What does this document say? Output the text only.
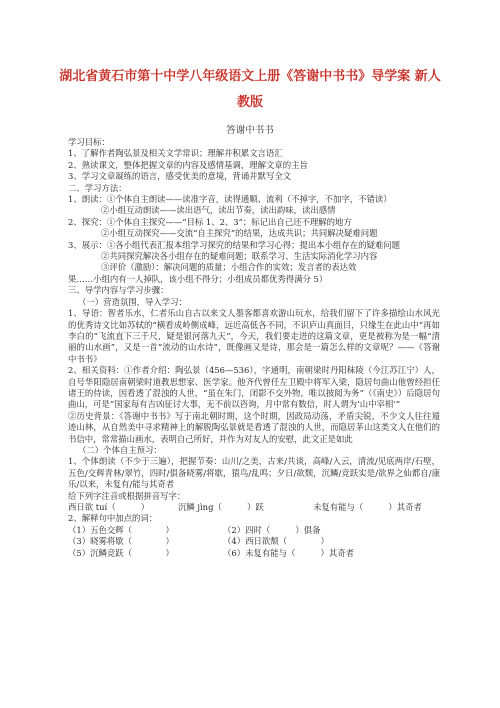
湖北省黄石市第十中学八年级语文上册《答谢中书书》导学案 新人
教版
答谢中书书
学习目标：
1、了解作者陶弘景及相关文学常识；理解并积累文言语汇
2、熟读课文，整体把握文章的内容及感情基调，理解文章的主旨
3、学习文章凝练的语言，感受优美的意境，背诵并默写全文
二、学习方法：
1、朗读：①个体自主朗读——读准字音，读得通顺、流利（不掉字，不加字，不错读）
②小组互动朗读——读出语气，读出节奏，读出韵味，读出感情
2、探究：①个体自主探究——“目标 1、2、3”；标记出自己还不理解的地方
②小组互动探究——交流“自主探究”的结果，达成共识；共同解决疑难问题
3、展示：①各小组代表汇报本组学习探究的结果和学习心得；提出本小组存在的疑难问题
②共同探究解决各小组存在的疑难问题；联系学习、生活实际消化学习内容
③评价（激励）：解决问题的质量；小组合作的实效；发言者的表达效
果……小组内有一人掉队，该小组不得分；小组成员都优秀得满分 5）
三、导学内容与学习步骤：
（一）营造氛围，导入学习：
1、导语：智者乐水，仁者乐山自古以来文人墨客都喜欢游山玩水，给我们留下了许多描绘山水风光的优秀诗文比如苏轼的“横看成岭侧成峰，远近高低各不同，不识庐山真面目，只缘生在此山中”再如李白的“飞流直下三千尺，疑是银河落九天”，今天，我们要走进的这篇文章，更是被称为是一幅“清丽的山水画”，又是一首“流动的山水诗”，既像画又是诗，那会是一篇怎么样的文章呢？——《答谢中书书》
2、相关资料：①作者介绍：陶弘景（456—536），字通明，南朝梁时丹阳秣陵（今江苏江宁）人，自号华阳隐居南朝梁时道教思想家、医学家。他齐代曾任左卫殿中将军入梁，隐居句曲山他曾经担任诸王的侍读，因看透了混浊的人世，“虽在朱门，闭影不交外物，唯以披阅为务”（《南史》）后隐居句曲山，可是“国家每有吉凶征讨大事，无不前以咨询，月中常有数信，时人谓为‘山中宰相’”
②历史背景：《答谢中书书》写于南北朝时期，这个时期，因政局动荡，矛盾尖锐，不少文人往往遁迹山林，从自然美中寻求精神上的解脱陶弘景就是看透了混浊的人世，而隐居茅山这类文人在他们的书信中，常常描山画水，表明自己所好，并作为对友人的安慰，此文正是如此
（二）个体自主预习：
1、个体朗读（不少于三遍），把握节奏：山川/之美，古来/共谈，高峰/入云，清流/见底两岸/石壁，五色/交辉青林/翠竹，四时/俱备晓雾/将歇，猿鸟/乱鸣；夕日/欲颓，沉鳞/竞跃实是/欲界之仙都自/康乐/以来，未复有/能与其奇者
给下列字注音或根据拼音写字：
西日欲 tuí（　　　）	沉鳞 jìng（　　　）跃	未复有能与（　　　）其奇者
2、解释句中加点的词：
（1）五色交辉（　　　　）	（2）四时（　　　）俱备
（3）晓雾将歇（　　　　）	（4）西日欲颓（　　　　）
（5）沉鳞竞跃（　　　　）	（6）未复有能与（　　　）其奇者
